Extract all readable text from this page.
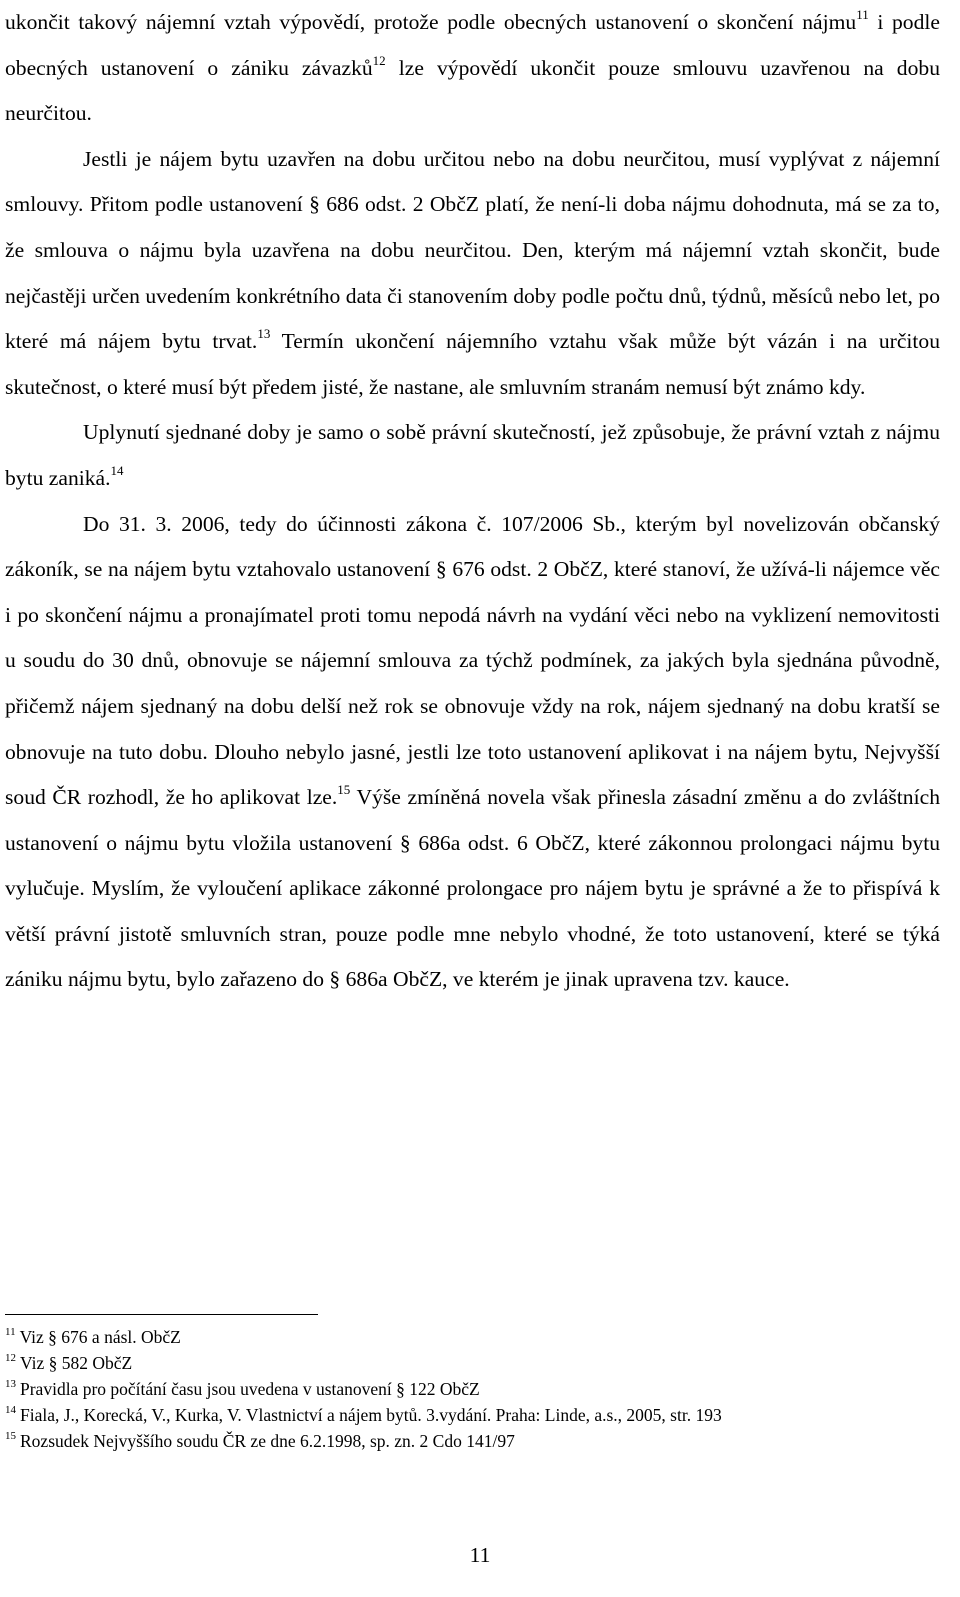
ukončit takový nájemní vztah výpovědí, protože podle obecných ustanovení o skončení nájmu$^{11}$ i podle obecných ustanovení o zániku závazků$^{12}$ lze výpovědí ukončit pouze smlouvu uzavřenou na dobu neurčitou.

Jestli je nájem bytu uzavřen na dobu určitou nebo na dobu neurčitou, musí vyplývat z nájemní smlouvy. Přitom podle ustanovení § 686 odst. 2 ObčZ platí, že není-li doba nájmu dohodnuta, má se za to, že smlouva o nájmu byla uzavřena na dobu neurčitou. Den, kterým má nájemní vztah skončit, bude nejčastěji určen uvedením konkrétního data či stanovením doby podle počtu dnů, týdnů, měsíců nebo let, po které má nájem bytu trvat.$^{13}$ Termín ukončení nájemního vztahu však může být vázán i na určitou skutečnost, o které musí být předem jisté, že nastane, ale smluvním stranám nemusí být známo kdy.

Uplynutí sjednané doby je samo o sobě právní skutečností, jež způsobuje, že právní vztah z nájmu bytu zaniká.$^{14}$

Do 31. 3. 2006, tedy do účinnosti zákona č. 107/2006 Sb., kterým byl novelizován občanský zákoník, se na nájem bytu vztahovalo ustanovení § 676 odst. 2 ObčZ, které stanoví, že užívá-li nájemce věc i po skončení nájmu a pronajímatel proti tomu nepodá návrh na vydání věci nebo na vyklizení nemovitosti u soudu do 30 dnů, obnovuje se nájemní smlouva za týchž podmínek, za jakých byla sjednána původně, přičemž nájem sjednaný na dobu delší než rok se obnovuje vždy na rok, nájem sjednaný na dobu kratší se obnovuje na tuto dobu. Dlouho nebylo jasné, jestli lze toto ustanovení aplikovat i na nájem bytu, Nejvyšší soud ČR rozhodl, že ho aplikovat lze.$^{15}$ Výše zmíněná novela však přinesla zásadní změnu a do zvláštních ustanovení o nájmu bytu vložila ustanovení § 686a odst. 6 ObčZ, které zákonnou prolongaci nájmu bytu vylučuje. Myslím, že vyloučení aplikace zákonné prolongace pro nájem bytu je správné a že to přispívá k větší právní jistotě smluvních stran, pouze podle mne nebylo vhodné, že toto ustanovení, které se týká zániku nájmu bytu, bylo zařazeno do § 686a ObčZ, ve kterém je jinak upravena tzv. kauce.

$^{11}$ Viz § 676 a násl. ObčZ
$^{12}$ Viz § 582 ObčZ
$^{13}$ Pravidla pro počítání času jsou uvedena v ustanovení § 122 ObčZ
$^{14}$ Fiala, J., Korecká, V., Kurka, V. Vlastnictví a nájem bytů. 3.vydání. Praha: Linde, a.s., 2005, str. 193
$^{15}$ Rozsudek Nejvyššího soudu ČR ze dne 6.2.1998, sp. zn. 2 Cdo 141/97
11
